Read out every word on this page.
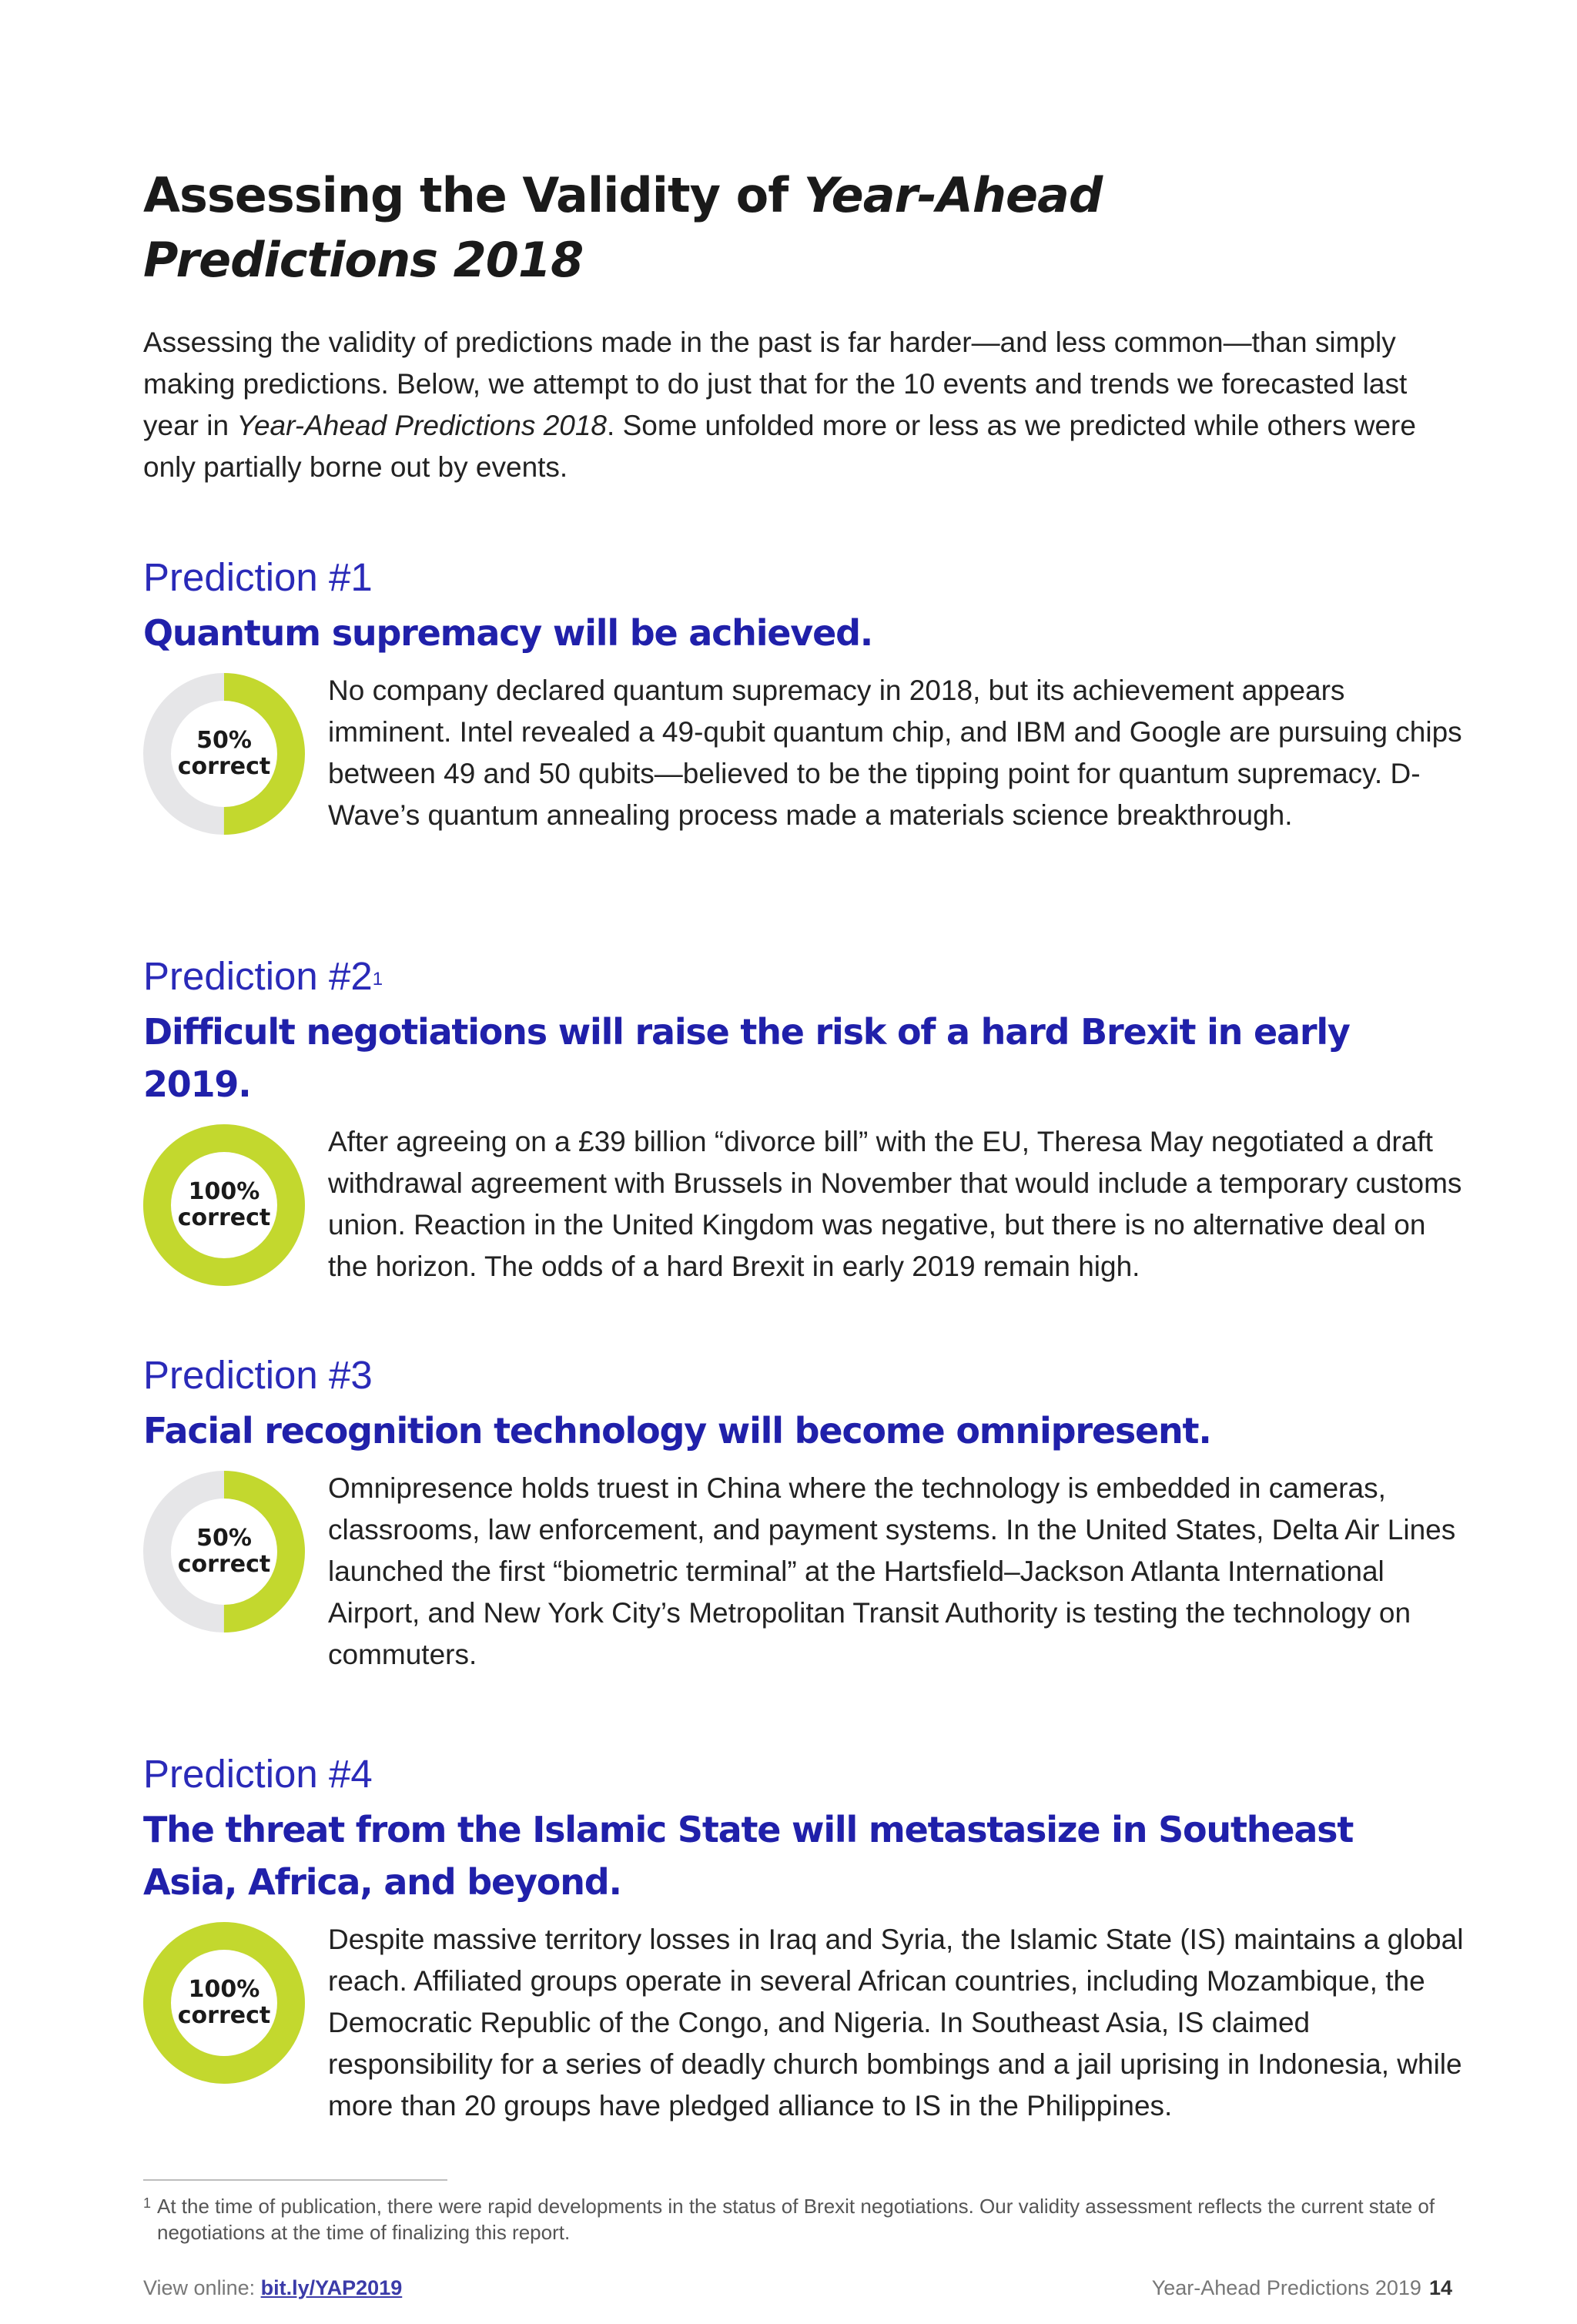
Assessing the Validity of Year-Ahead
Predictions 2018

Assessing the validity of predictions made in the past is far harder—and less common—than simply making predictions. Below, we attempt to do just that for the 10 events and trends we forecasted last year in Year-Ahead Predictions 2018. Some unfolded more or less as we predicted while others were only partially borne out by events.

Prediction #1
Quantum supremacy will be achieved.
50%
correct
No company declared quantum supremacy in 2018, but its achievement appears imminent. Intel revealed a 49-qubit quantum chip, and IBM and Google are pursuing chips between 49 and 50 qubits—believed to be the tipping point for quantum supremacy. D-Wave’s quantum annealing process made a materials science breakthrough.
Prediction $\#2^1$
Difficult negotiations will raise the risk of a hard Brexit in early 2019.
100%
correct
After agreeing on a £39 billion “divorce bill” with the EU, Theresa May negotiated a draft withdrawal agreement with Brussels in November that would include a temporary customs union. Reaction in the United Kingdom was negative, but there is no alternative deal on the horizon. The odds of a hard Brexit in early 2019 remain high.
Prediction #3
Facial recognition technology will become omnipresent.
50%
correct
Omnipresence holds truest in China where the technology is embedded in cameras, classrooms, law enforcement, and payment systems. In the United States, Delta Air Lines launched the first “biometric terminal” at the Hartsfield–Jackson Atlanta International Airport, and New York City’s Metropolitan Transit Authority is testing the technology on commuters.
Prediction #4
The threat from the Islamic State will metastasize in Southeast Asia, Africa, and beyond.
100%
correct
Despite massive territory losses in Iraq and Syria, the Islamic State (IS) maintains a global reach. Affiliated groups operate in several African countries, including Mozambique, the Democratic Republic of the Congo, and Nigeria. In Southeast Asia, IS claimed responsibility for a series of deadly church bombings and a jail uprising in Indonesia, while more than 20 groups have pledged alliance to IS in the Philippines.
1 At the time of publication, there were rapid developments in the status of Brexit negotiations. Our validity assessment reflects the current state of negotiations at the time of finalizing this report.
View online: bit.ly/YAP2019	Year-Ahead Predictions 2019 14
